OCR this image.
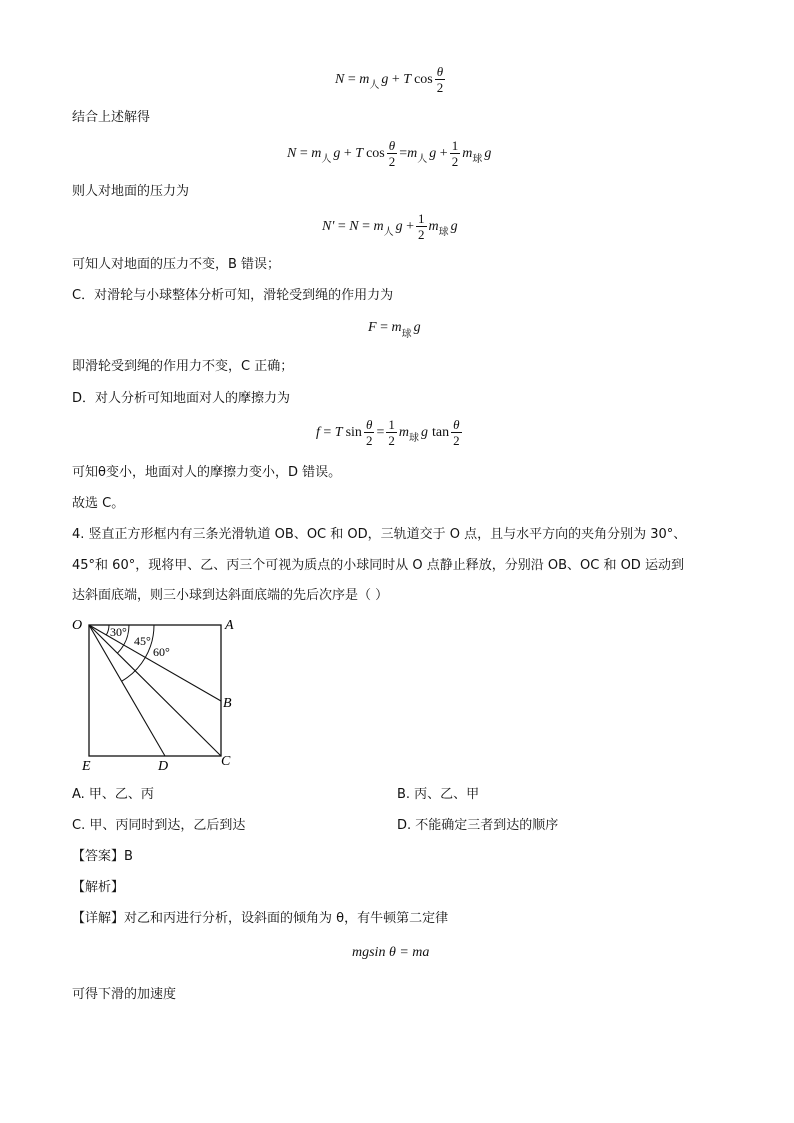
N = m 人 g + T $\cos \frac{\theta}{2}$
结合上述解得
N = m 人 g + T $\cos \frac{\theta}{2} = m$ 人 $g + \frac{1}{2}$ m 球 g
则人对地面的压力为
N' = N = m 人 $g + \frac{1}{2}$ m 球 g
可知人对地面的压力不变，B 错误；
C．对滑轮与小球整体分析可知，滑轮受到绳的作用力为
F = m 球 g
即滑轮受到绳的作用力不变，C 正确；
D．对人分析可知地面对人的摩擦力为
f = T $\sin \frac{\theta}{2} = \frac{1}{2}$ m 球 g $\tan \frac{\theta}{2}$
可知θ变小，地面对人的摩擦力变小，D 错误。
故选 C。
4. 竖直正方形框内有三条光滑轨道 OB、OC 和 OD，三轨道交于 O 点，且与水平方向的夹角分别为 30°、
45°和 60°，现将甲、乙、丙三个可视为质点的小球同时从 O 点静止释放，分别沿 OB、OC 和 OD 运动到
达斜面底端，则三小球到达斜面底端的先后次序是（ ）
O	A
B
C
D
E
30°
45°
60°
A. 甲、乙、丙	B. 丙、乙、甲
C. 甲、丙同时到达，乙后到达	D. 不能确定三者到达的顺序
【答案】B
【解析】
【详解】对乙和丙进行分析，设斜面的倾角为 θ，有牛顿第二定律
mgsin θ = ma
可得下滑的加速度
